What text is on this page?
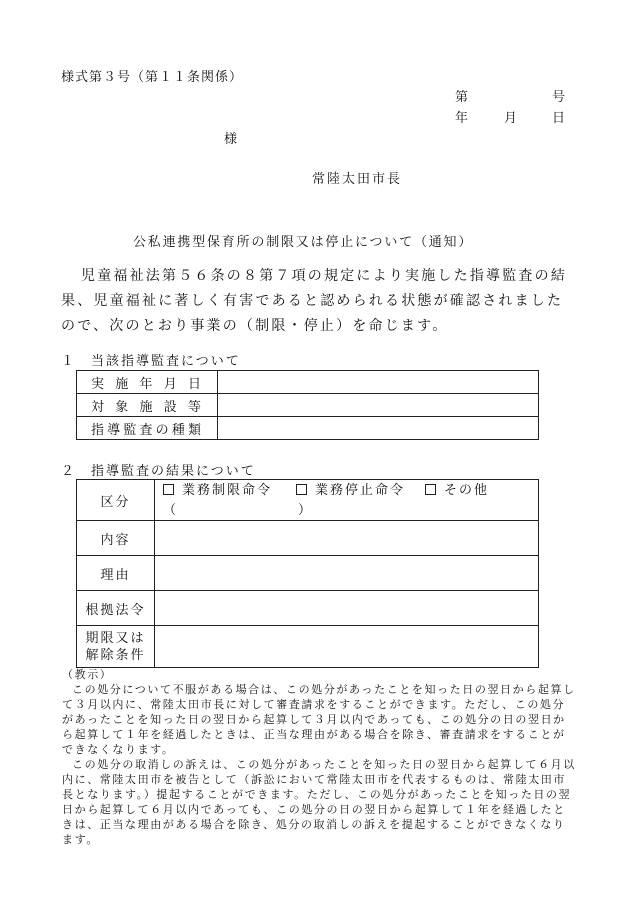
様式第３号（第１１条関係）
第	号
年	月	日
様
常陸太田市長
公私連携型保育所の制限又は停止について（通知）
児童福祉法第５６条の８第７項の規定により実施した指導監査の結果、児童福祉に著しく有害であると認められる状態が確認されましたので、次のとおり事業の（制限・停止）を命じます。
１　当該指導監査について
実施年月日	
対象施設等	
指導監査の種類	
２　指導監査の結果について
区分	業務制限命令 業務停止命令 その他
（　　　　　　　　）

内容	
理由	
根拠法令	

期限又は
解除条件	

（教示）

この処分について不服がある場合は、この処分があったことを知った日の翌日から起算して３月以内に、常陸太田市長に対して審査請求をすることができます。ただし、この処分があったことを知った日の翌日から起算して３月以内であっても、この処分の日の翌日から起算して１年を経過したときは、正当な理由がある場合を除き、審査請求をすることができなくなります。

この処分の取消しの訴えは、この処分があったことを知った日の翌日から起算して６月以内に、常陸太田市を被告として（訴訟において常陸太田市を代表するものは、常陸太田市長となります。）提起することができます。ただし、この処分があったことを知った日の翌日から起算して６月以内であっても、この処分の日の翌日から起算して１年を経過したときは、正当な理由がある場合を除き、処分の取消しの訴えを提起することができなくなります。
